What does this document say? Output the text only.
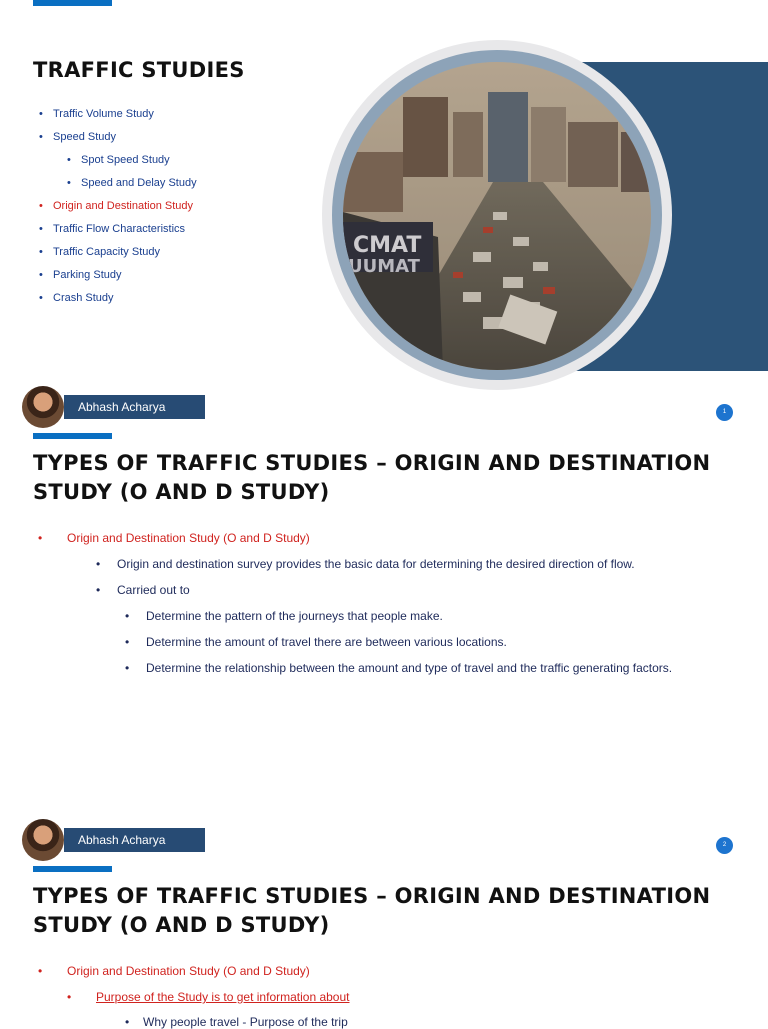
TRAFFIC STUDIES
• Traffic Volume Study
• Speed Study
• Spot Speed Study
• Speed and Delay Study
• Origin and Destination Study
• Traffic Flow Characteristics
• Traffic Capacity Study
• Parking Study
• Crash Study
CMAT
UUMAT
Abhash Acharya	1
TYPES OF TRAFFIC STUDIES – ORIGIN AND DESTINATION
STUDY (O AND D STUDY)
• Origin and Destination Study (O and D Study)
• Origin and destination survey provides the basic data for determining the desired direction of flow.
• Carried out to
• Determine the pattern of the journeys that people make.
• Determine the amount of travel there are between various locations.
• Determine the relationship between the amount and type of travel and the traffic generating factors.
Abhash Acharya	2
TYPES OF TRAFFIC STUDIES – ORIGIN AND DESTINATION
STUDY (O AND D STUDY)
• Origin and Destination Study (O and D Study)
• Purpose of the Study is to get information about
• Why people travel - Purpose of the trip
